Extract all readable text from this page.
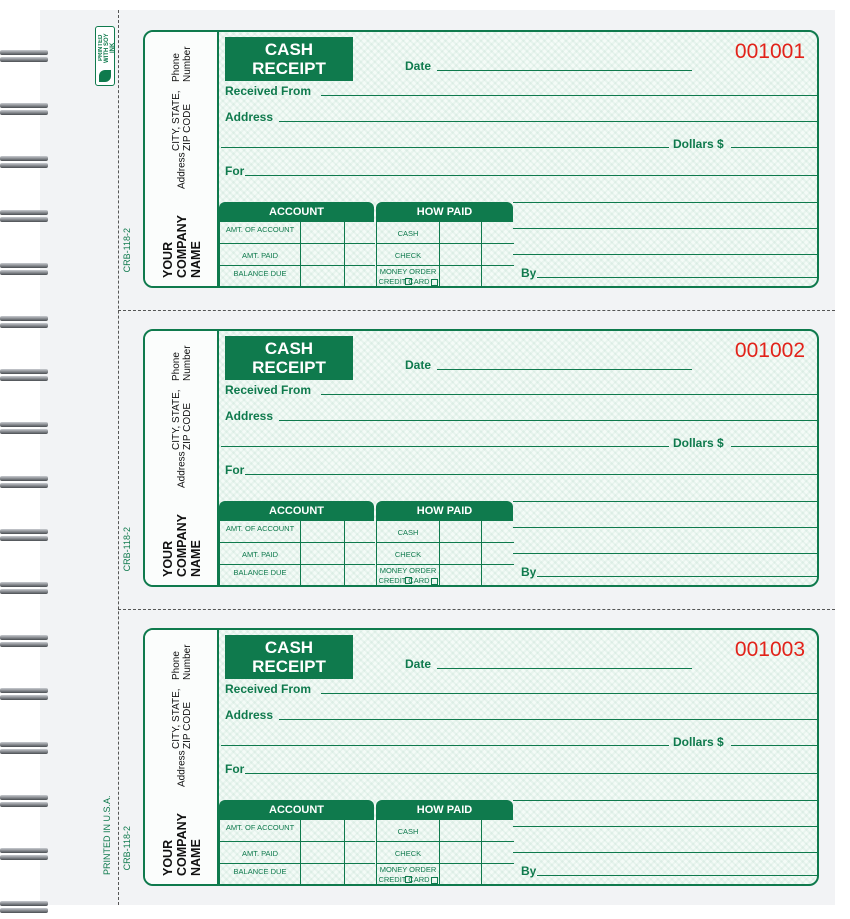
PRINTED WITH SOY INK
CRB-118-2
CRB-118-2
CRB-118-2
PRINTED IN U.S.A.
YOUR COMPANY NAME
Address
CITY, STATE, ZIP CODE
Phone Number	CASH
RECEIPT
001001
Date
Received From
Address
Dollars $
For
By
ACCOUNT
AMT. OF ACCOUNT
AMT. PAID
BALANCE DUE
HOW PAID
CASH
CHECK
MONEY ORDER
CREDIT CARD
YOUR COMPANY NAME
Address
CITY, STATE, ZIP CODE
Phone Number	CASH
RECEIPT
001002
Date
Received From
Address
Dollars $
For
By
ACCOUNT
AMT. OF ACCOUNT
AMT. PAID
BALANCE DUE
HOW PAID
CASH
CHECK
MONEY ORDER
CREDIT CARD
YOUR COMPANY NAME
Address
CITY, STATE, ZIP CODE
Phone Number	CASH
RECEIPT
001003
Date
Received From
Address
Dollars $
For
By
ACCOUNT
AMT. OF ACCOUNT
AMT. PAID
BALANCE DUE
HOW PAID
CASH
CHECK
MONEY ORDER
CREDIT CARD
